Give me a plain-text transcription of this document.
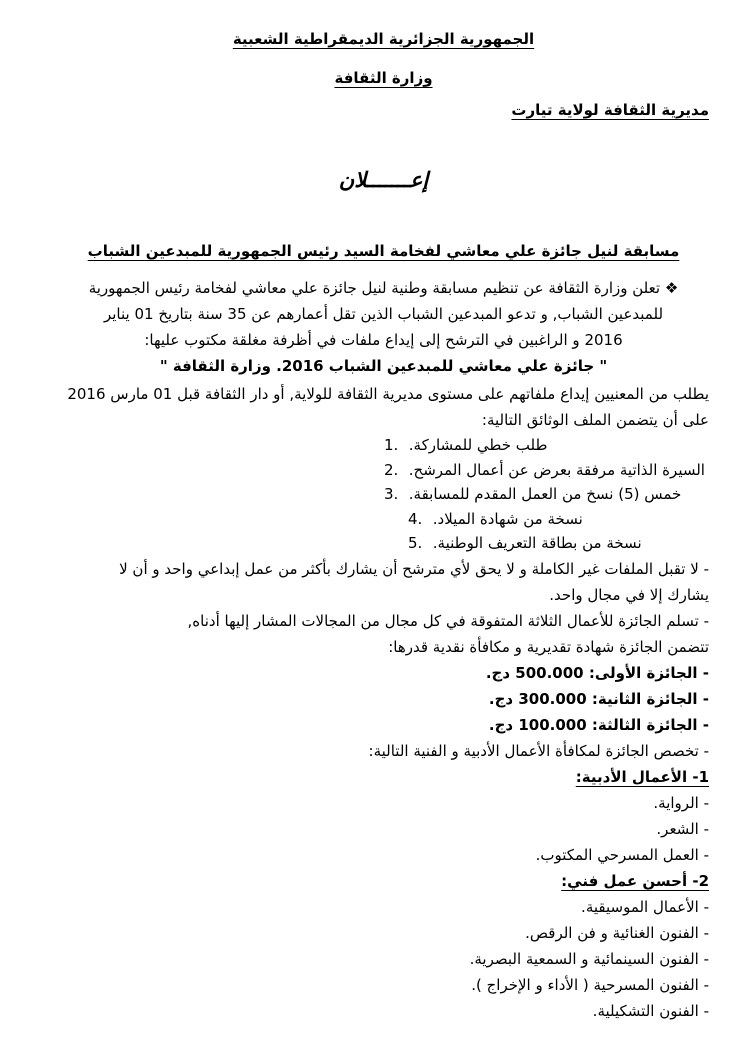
الجمهورية الجزائرية الديمقراطية الشعبية
وزارة الثقافة
مديرية الثقافة لولاية تيارت
إعـــــــلان
مسابقة لنيل جائزة علي معاشي لفخامة السيد رئيس الجمهورية للمبدعين الشباب
❖ تعلن وزارة الثقافة عن تنظيم مسابقة وطنية لنيل جائزة علي معاشي لفخامة رئيس الجمهورية
للمبدعين الشباب, و تدعو المبدعين الشباب الذين تقل أعمارهم عن 35 سنة بتاريخ 01 يناير
2016 و الراغبين في الترشح إلى إيداع ملفات في أظرفة مغلقة مكتوب عليها:
" جائزة علي معاشي للمبدعين الشباب 2016. وزارة الثقافة "
يطلب من المعنيين إيداع ملفاتهم على مستوى مديرية الثقافة للولاية, أو دار الثقافة قبل 01 مارس 2016
على أن يتضمن الملف الوثائق التالية:
1. طلب خطي للمشاركة.
2. السيرة الذاتية مرفقة بعرض عن أعمال المرشح.
3. خمس (5) نسخ من العمل المقدم للمسابقة.
4. نسخة من شهادة الميلاد.
5. نسخة من بطاقة التعريف الوطنية.
- لا تقبل الملفات غير الكاملة و لا يحق لأي مترشح أن يشارك بأكثر من عمل إبداعي واحد و أن لا
يشارك إلا في مجال واحد.
- تسلم الجائزة للأعمال الثلاثة المتفوقة في كل مجال من المجالات المشار إليها أدناه,
تتضمن الجائزة شهادة تقديرية و مكافأة نقدية قدرها:
- الجائزة الأولى: 500.000 دج.
- الجائزة الثانية: 300.000 دج.
- الجائزة الثالثة: 100.000 دج.
- تخصص الجائزة لمكافأة الأعمال الأدبية و الفنية التالية:
1- الأعمال الأدبية:
- الرواية.
- الشعر.
- العمل المسرحي المكتوب.
2- أحسن عمل فني:
- الأعمال الموسيقية.
- الفنون الغنائية و فن الرقص.
- الفنون السينمائية و السمعية البصرية.
- الفنون المسرحية ( الأداء و الإخراج ).
- الفنون التشكيلية.
